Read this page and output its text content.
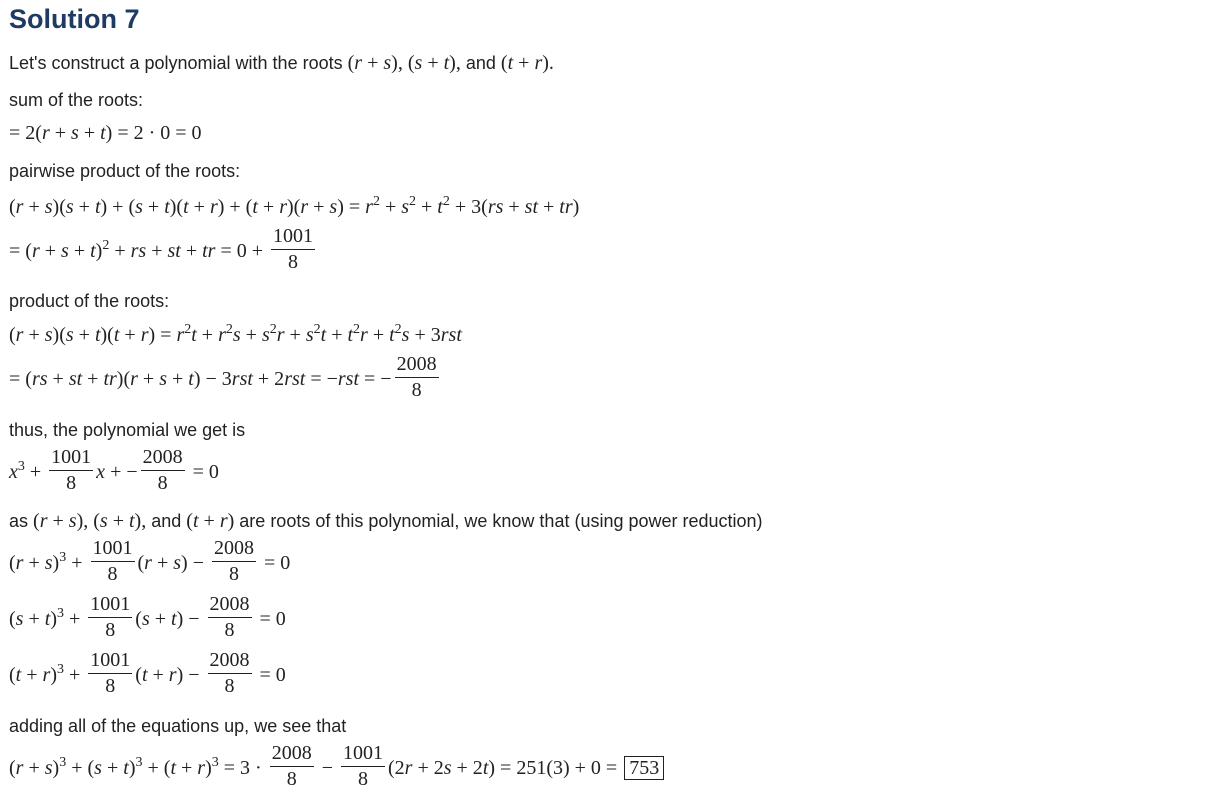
Solution 7
Let's construct a polynomial with the roots (r + s), (s + t), and (t + r).
sum of the roots:
= 2(r + s + t) = 2 · 0 = 0
pairwise product of the roots:
$(r + s)(s + t) + (s + t)(t + r) + (t + r)(r + s) = r^2 + s^2 + t^2 + 3(rs$ + st + tr)
= $(r + s + t)^2$ + rs + st + tr = $0 + \frac{1001}{8}$
product of the roots:
$(r + s)(s + t)(t + r) = r^2t + r^2s + s^2r + s^2t + t^2r + t^2s + 3rst$
= (rs + st + tr)(r + s + t) − 3rst + 2rst = −rst = − $\frac{2008}{8}$
thus, the polynomial we get is
$x^3 + \frac{1001}{8}$ x + − $\frac{2008}{8} = 0$
as (r + s), (s + t), and (t + r) are roots of this polynomial, we know that (using power reduction)
$(r + s)^3 + \frac{1001}{8} (r + s) - \frac{2008}{8} = 0$
$(s + t)^3 + \frac{1001}{8} (s + t) - \frac{2008}{8} = 0$
$(t + r)^3 + \frac{1001}{8} (t + r) - \frac{2008}{8} = 0$
adding all of the equations up, we see that
$(r + s)^3 + (s + t)^3 + (t + r)^3 = 3 \cdot \frac{2008}{8} - \frac{1001}{8} (2r + 2s + 2t) = 251(3) + 0 = 753$
